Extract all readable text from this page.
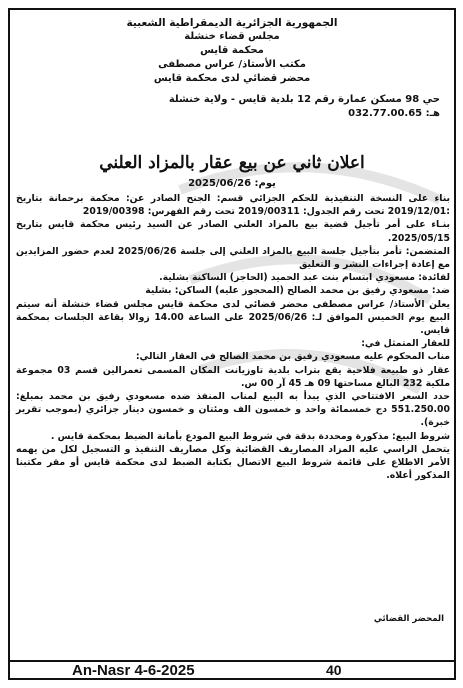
الجمهورية الجزائرية الديمقراطية الشعبية
مجلس قضاء خنشلة
محكمة قايس
مكتب الأستاذ/ عراس مصطفى
محضر قضائي لدى محكمة قايس
حي 98 مسكن عمارة رقم 12 بلدية قايس - ولاية خنشلة
هـ: 032.77.00.65
اعلان ثاني عن بيع عقار بالمزاد العلني
يوم: 2025/06/26

بناء على النسخة التنفيذية للحكم الجزائي قسم: الجنح الصادر عن: محكمة برحمانة بتاريخ :2019/12/01 تحت رقم الجدول: 2019/00311 تحت رقم الفهرس: 2019/00398

بنـاء على أمر تأجيل قضية بيع بالمزاد العلني الصادر عن السيد رئيس محكمة قايس بتاريخ 2025/05/15.

المتضمن: تأمر بتأجيل جلسة البيع بالمزاد العلني إلى جلسة 2025/06/26 لعدم حضور المزايدين مع إعادة إجراءات النشر و التعليق

لفائدة: مسعودي ابتسام بنت عبد الحميد (الحاجز) الساكنة بشلية.

ضد: مسعودي رفيق بن محمد الصالح (المحجوز عليه) الساكن: بشلية

يعلن الأستاذ/ عراس مصطفى محضر قضائي لدى محكمة قايس مجلس قضاء خنشلة أنه سيتم البيع يوم الخميس الموافق لـ: 2025/06/26 على الساعة 14.00 زوالا بقاعة الجلسات بمحكمة قايس.

للعقار المتمثل في:

مناب المحكوم عليه مسعودي رفيق بن محمد الصالح في العقار التالي:

عقار ذو طبيعة فلاحية يقع بتراب بلدية تاوزيانت المكان المسمى تعمرالين قسم 03 مجموعة ملكية 232 البالغ مساحتها 09 هـ 45 آر 00 س.

حدد السعر الافتتاحي الذي يبدأ به البيع لمناب المنفذ ضده مسعودي رفيق بن محمد بمبلغ: 551.250.00 دج خمسمائة واحد و خمسون الف ومئتان و خمسون دينار جزائري (بموجب تقرير خبرة).

شروط البيع: مذكورة ومحددة بدقة في شروط البيع المودع بأمانة الضبط بمحكمة قايس .

يتحمل الراسي عليه المزاد المصاريف القضائية وكل مصاريف التنفيذ و التسجيل لكل من يهمه الأمر الاطلاع على قائمة شروط البيع الاتصال بكتابة الضبط لدى محكمة قايس أو مقر مكتبنا المذكور أعلاه.

المحضر القضائي
An-Nasr 4-6-2025	40
